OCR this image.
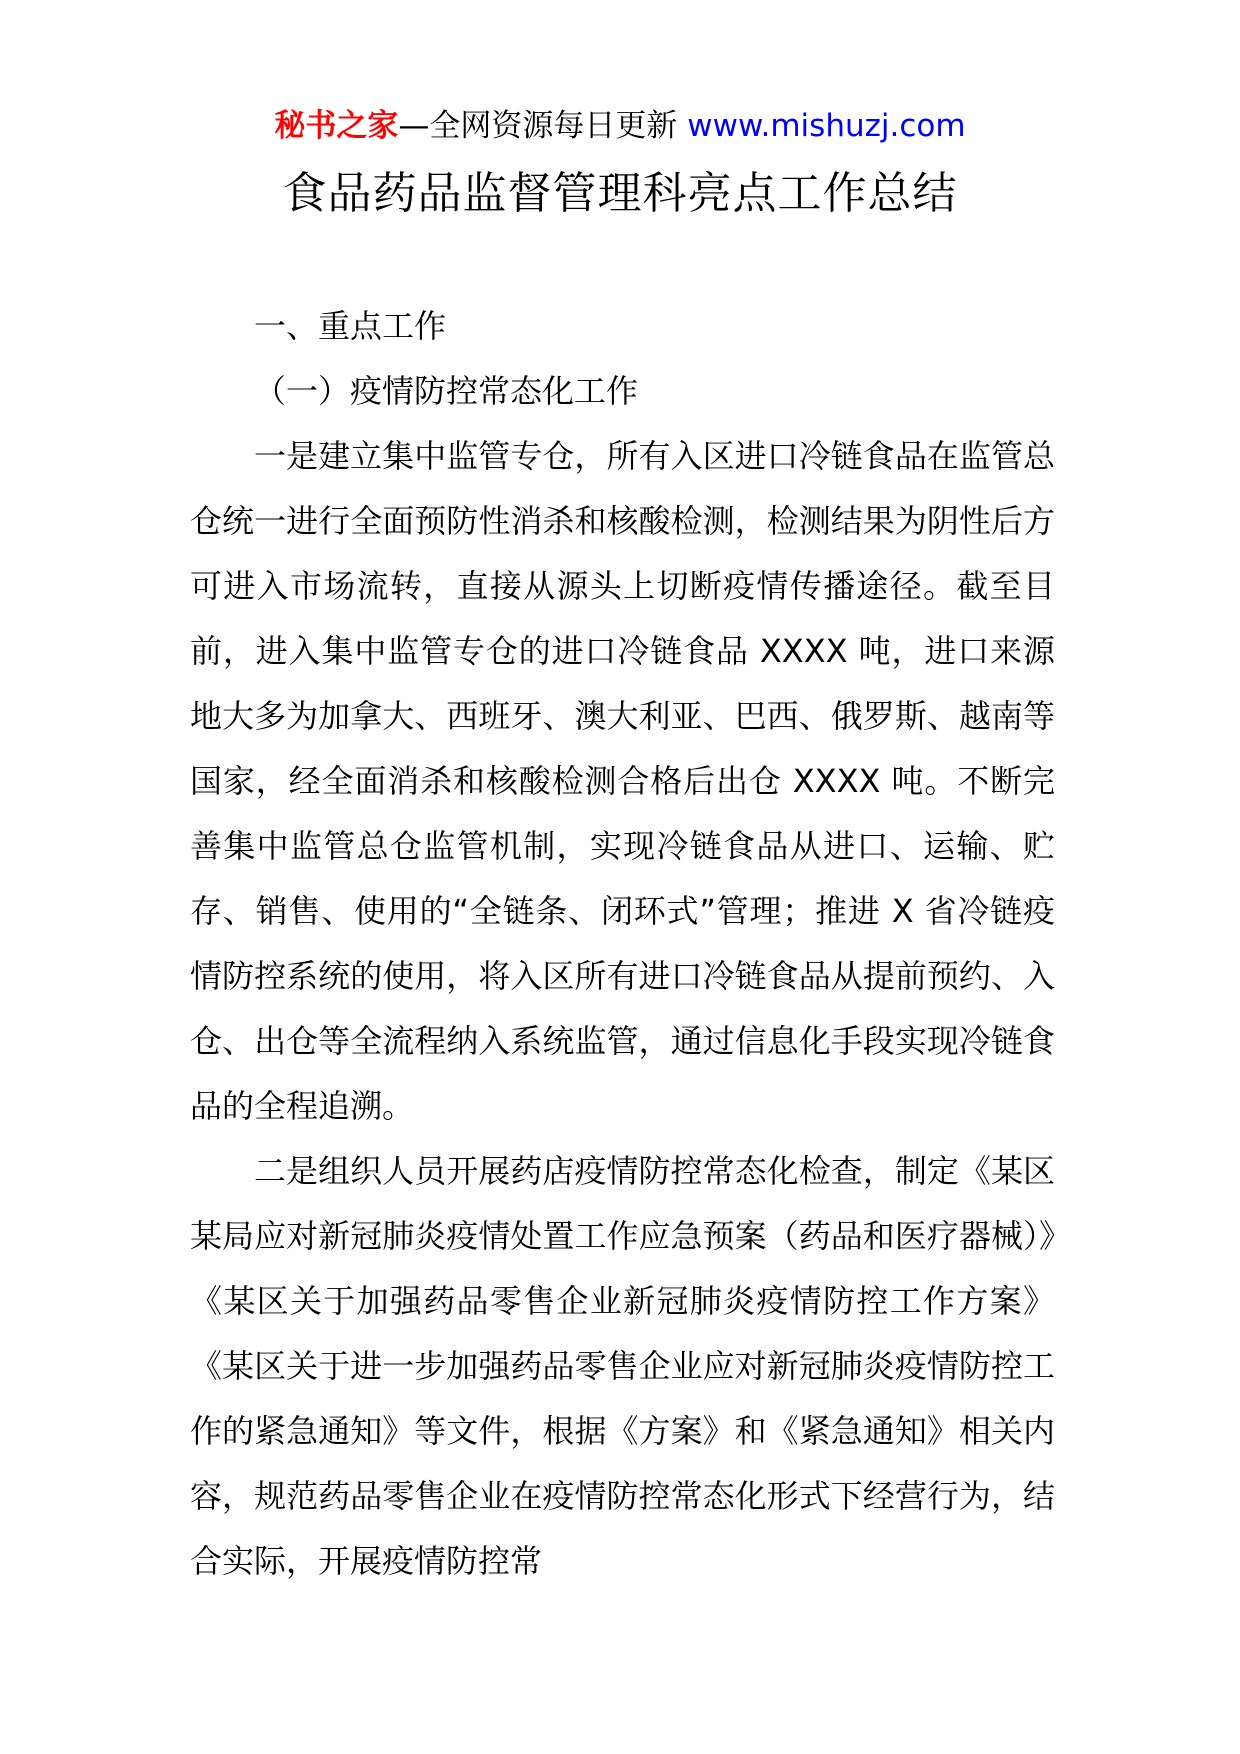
秘书之家—全网资源每日更新 www.mishuzj.com
食品药品监督管理科亮点工作总结

一、重点工作

（一）疫情防控常态化工作

一是建立集中监管专仓，所有入区进口冷链食品在监管总仓统一进行全面预防性消杀和核酸检测，检测结果为阴性后方可进入市场流转，直接从源头上切断疫情传播途径。截至目前，进入集中监管专仓的进口冷链食品 XXXX 吨，进口来源地大多为加拿大、西班牙、澳大利亚、巴西、俄罗斯、越南等国家，经全面消杀和核酸检测合格后出仓 XXXX 吨。不断完善集中监管总仓监管机制，实现冷链食品从进口、运输、贮存、销售、使用的“全链条、闭环式”管理；推进 X 省冷链疫情防控系统的使用，将入区所有进口冷链食品从提前预约、入仓、出仓等全流程纳入系统监管，通过信息化手段实现冷链食品的全程追溯。

二是组织人员开展药店疫情防控常态化检查，制定《某区某局应对新冠肺炎疫情处置工作应急预案（药品和医疗器械）》《某区关于加强药品零售企业新冠肺炎疫情防控工作方案》《某区关于进一步加强药品零售企业应对新冠肺炎疫情防控工作的紧急通知》等文件，根据《方案》和《紧急通知》相关内容，规范药品零售企业在疫情防控常态化形式下经营行为，结合实际，开展疫情防控常
